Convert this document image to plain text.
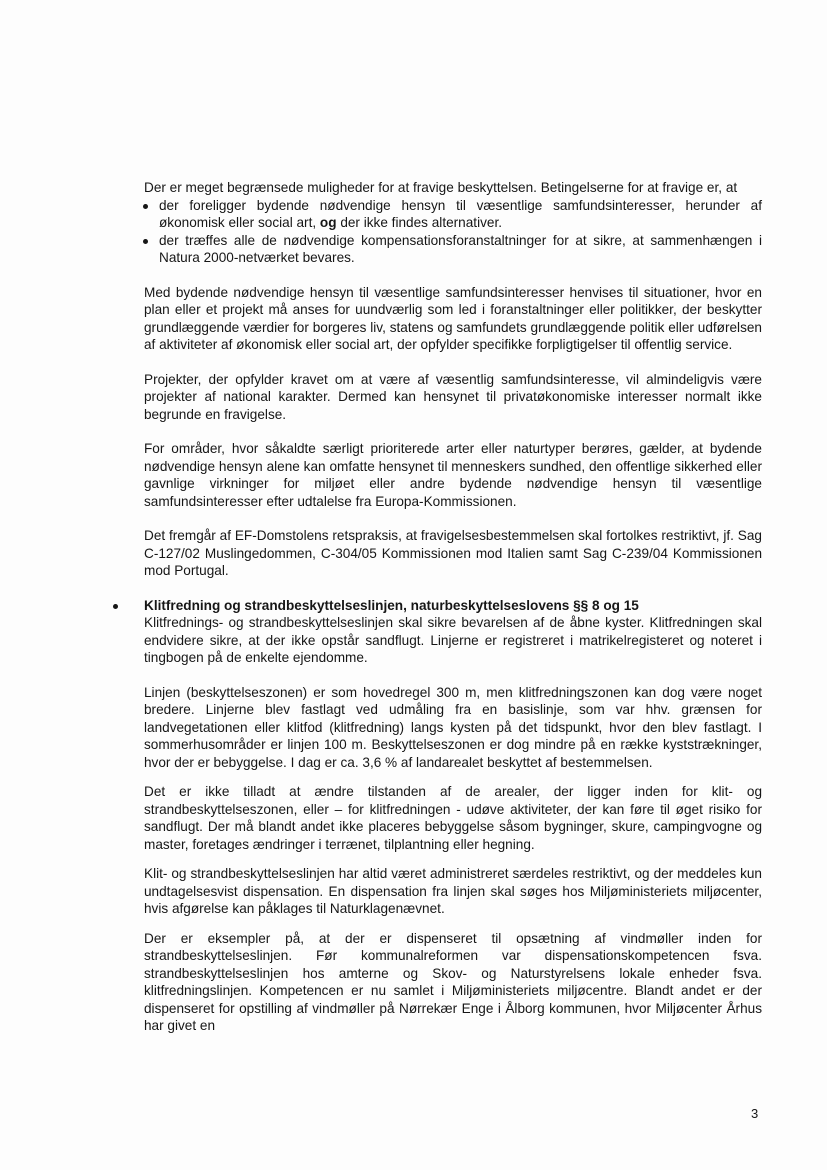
Der er meget begrænsede muligheder for at fravige beskyttelsen. Betingelserne for at fravige er, at

der foreligger bydende nødvendige hensyn til væsentlige samfundsinteresser, herunder af økonomisk eller social art, og der ikke findes alternativer.
der træffes alle de nødvendige kompensationsforanstaltninger for at sikre, at sammenhængen i Natura 2000-netværket bevares.

Med bydende nødvendige hensyn til væsentlige samfundsinteresser henvises til situationer, hvor en plan eller et projekt må anses for uundværlig som led i foranstaltninger eller politikker, der beskytter grundlæggende værdier for borgeres liv, statens og samfundets grundlæggende politik eller udførelsen af aktiviteter af økonomisk eller social art, der opfylder specifikke forpligtigelser til offentlig service.

Projekter, der opfylder kravet om at være af væsentlig samfundsinteresse, vil almindeligvis være projekter af national karakter. Dermed kan hensynet til privatøkonomiske interesser normalt ikke begrunde en fravigelse.

For områder, hvor såkaldte særligt prioriterede arter eller naturtyper berøres, gælder, at bydende nødvendige hensyn alene kan omfatte hensynet til menneskers sundhed, den offentlige sikkerhed eller gavnlige virkninger for miljøet eller andre bydende nødvendige hensyn til væsentlige samfundsinteresser efter udtalelse fra Europa-Kommissionen.

Det fremgår af EF-Domstolens retspraksis, at fravigelsesbestemmelsen skal fortolkes restriktivt, jf. Sag C-127/02 Muslingedommen, C-304/05 Kommissionen mod Italien samt Sag C-239/04 Kommissionen mod Portugal.

Klitfredning og strandbeskyttelseslinjen, naturbeskyttelseslovens §§ 8 og 15

Klitfrednings- og strandbeskyttelseslinjen skal sikre bevarelsen af de åbne kyster. Klitfredningen skal endvidere sikre, at der ikke opstår sandflugt. Linjerne er registreret i matrikelregisteret og noteret i tingbogen på de enkelte ejendomme.

Linjen (beskyttelseszonen) er som hovedregel 300 m, men klitfredningszonen kan dog være noget bredere. Linjerne blev fastlagt ved udmåling fra en basislinje, som var hhv. grænsen for landvegetationen eller klitfod (klitfredning) langs kysten på det tidspunkt, hvor den blev fastlagt. I sommerhusområder er linjen 100 m. Beskyttelseszonen er dog mindre på en række kyststrækninger, hvor der er bebyggelse. I dag er ca. 3,6 % af landarealet beskyttet af bestemmelsen.

Det er ikke tilladt at ændre tilstanden af de arealer, der ligger inden for klit- og strandbeskyttelseszonen, eller – for klitfredningen - udøve aktiviteter, der kan føre til øget risiko for sandflugt. Der må blandt andet ikke placeres bebyggelse såsom bygninger, skure, campingvogne og master, foretages ændringer i terrænet, tilplantning eller hegning.

Klit- og strandbeskyttelseslinjen har altid været administreret særdeles restriktivt, og der meddeles kun undtagelsesvist dispensation. En dispensation fra linjen skal søges hos Miljøministeriets miljøcenter, hvis afgørelse kan påklages til Naturklagenævnet.

Der er eksempler på, at der er dispenseret til opsætning af vindmøller inden for strandbeskyttelseslinjen. Før kommunalreformen var dispensationskompetencen fsva. strandbeskyttelseslinjen hos amterne og Skov- og Naturstyrelsens lokale enheder fsva. klitfredningslinjen. Kompetencen er nu samlet i Miljøministeriets miljøcentre. Blandt andet er der dispenseret for opstilling af vindmøller på Nørrekær Enge i Ålborg kommunen, hvor Miljøcenter Århus har givet en

3
